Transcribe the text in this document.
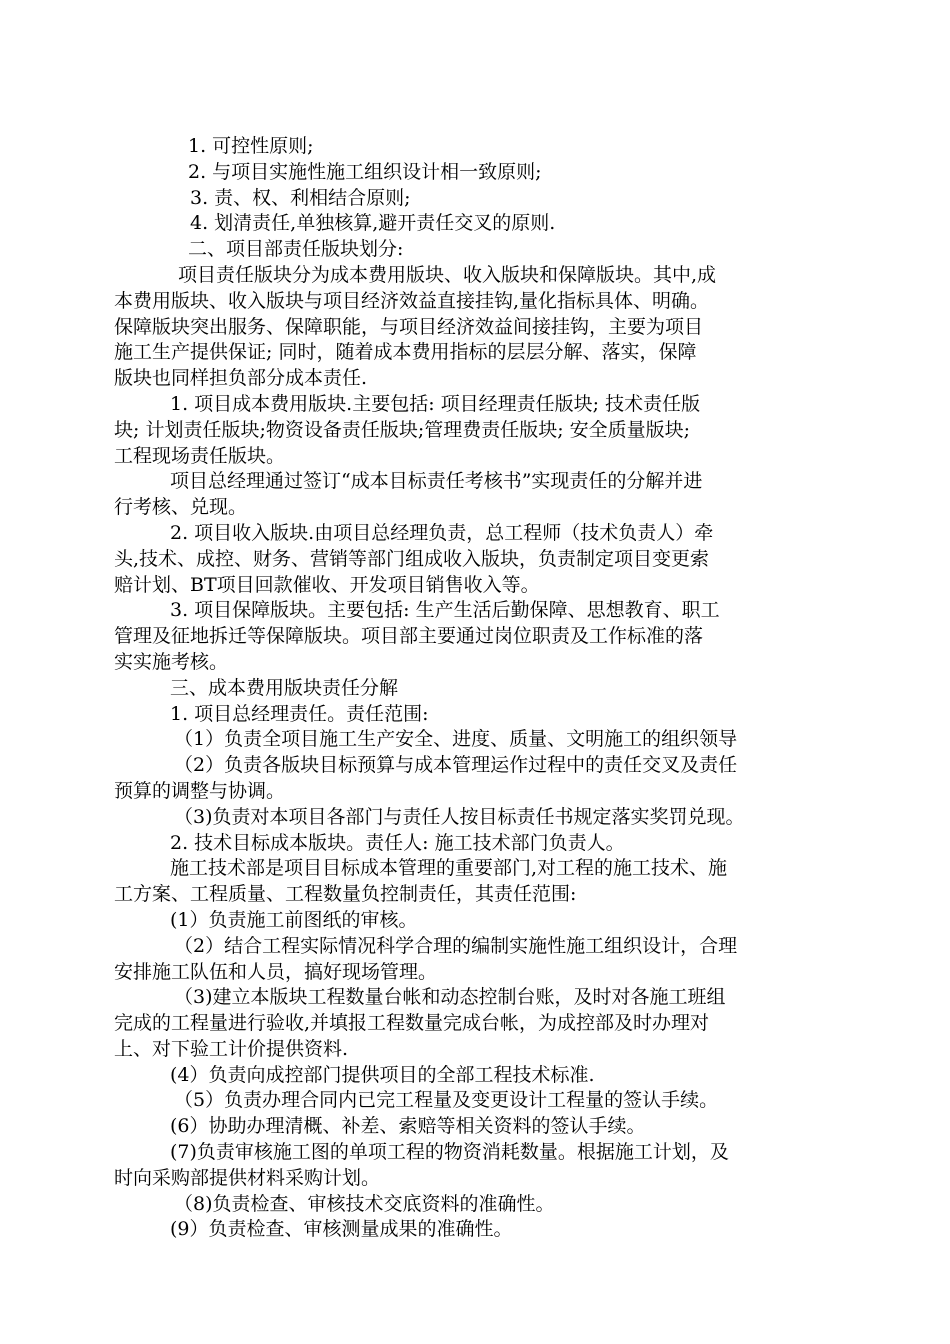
1. 可控性原则;
2. 与项目实施性施工组织设计相一致原则;
3. 责、权、利相结合原则;
4. 划清责任,单独核算,避开责任交叉的原则.
二、项目部责任版块划分:
项目责任版块分为成本费用版块、收入版块和保障版块。其中,成
本费用版块、收入版块与项目经济效益直接挂钩,量化指标具体、明确。
保障版块突出服务、保障职能，与项目经济效益间接挂钩，主要为项目
施工生产提供保证; 同时，随着成本费用指标的层层分解、落实，保障
版块也同样担负部分成本责任.
1. 项目成本费用版块.主要包括: 项目经理责任版块; 技术责任版
块; 计划责任版块;物资设备责任版块;管理费责任版块; 安全质量版块;
工程现场责任版块。
项目总经理通过签订“成本目标责任考核书”实现责任的分解并进
行考核、兑现。
2. 项目收入版块.由项目总经理负责，总工程师（技术负责人）牵
头,技术、成控、财务、营销等部门组成收入版块，负责制定项目变更索
赔计划、BT项目回款催收、开发项目销售收入等。
3. 项目保障版块。主要包括: 生产生活后勤保障、思想教育、职工
管理及征地拆迁等保障版块。项目部主要通过岗位职责及工作标准的落
实实施考核。
三、成本费用版块责任分解
1. 项目总经理责任。责任范围:
（1）负责全项目施工生产安全、进度、质量、文明施工的组织领导
（2）负责各版块目标预算与成本管理运作过程中的责任交叉及责任
预算的调整与协调。
（3)负责对本项目各部门与责任人按目标责任书规定落实奖罚兑现。
2. 技术目标成本版块。责任人: 施工技术部门负责人。
施工技术部是项目目标成本管理的重要部门,对工程的施工技术、施
工方案、工程质量、工程数量负控制责任，其责任范围:
(1）负责施工前图纸的审核。
（2）结合工程实际情况科学合理的编制实施性施工组织设计，合理
安排施工队伍和人员，搞好现场管理。
（3)建立本版块工程数量台帐和动态控制台账，及时对各施工班组
完成的工程量进行验收,并填报工程数量完成台帐，为成控部及时办理对
上、对下验工计价提供资料.
(4）负责向成控部门提供项目的全部工程技术标准.
（5）负责办理合同内已完工程量及变更设计工程量的签认手续。
(6）协助办理清概、补差、索赔等相关资料的签认手续。
(7)负责审核施工图的单项工程的物资消耗数量。根据施工计划，及
时向采购部提供材料采购计划。
（8)负责检查、审核技术交底资料的准确性。
(9）负责检查、审核测量成果的准确性。
